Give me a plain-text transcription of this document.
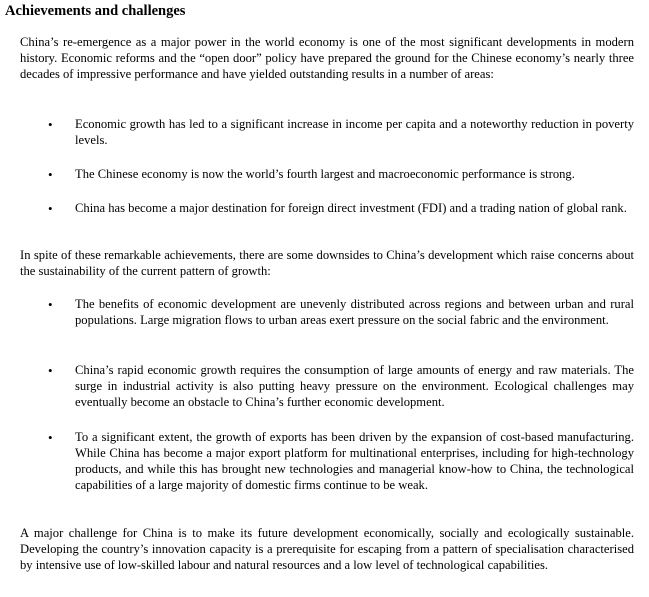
Achievements and challenges

China’s re-emergence as a major power in the world economy is one of the most significant developments in modern history. Economic reforms and the “open door” policy have prepared the ground for the Chinese economy’s nearly three decades of impressive performance and have yielded outstanding results in a number of areas:

• Economic growth has led to a significant increase in income per capita and a noteworthy reduction in poverty levels.

• The Chinese economy is now the world’s fourth largest and macroeconomic performance is strong.

• China has become a major destination for foreign direct investment (FDI) and a trading nation of global rank.

In spite of these remarkable achievements, there are some downsides to China’s development which raise concerns about the sustainability of the current pattern of growth:

• The benefits of economic development are unevenly distributed across regions and between urban and rural populations. Large migration flows to urban areas exert pressure on the social fabric and the environment.

• China’s rapid economic growth requires the consumption of large amounts of energy and raw materials. The surge in industrial activity is also putting heavy pressure on the environment. Ecological challenges may eventually become an obstacle to China’s further economic development.

• To a significant extent, the growth of exports has been driven by the expansion of cost-based manufacturing. While China has become a major export platform for multinational enterprises, including for high-technology products, and while this has brought new technologies and managerial know-how to China, the technological capabilities of a large majority of domestic firms continue to be weak.

A major challenge for China is to make its future development economically, socially and ecologically sustainable. Developing the country’s innovation capacity is a prerequisite for escaping from a pattern of specialisation characterised by intensive use of low-skilled labour and natural resources and a low level of technological capabilities.
